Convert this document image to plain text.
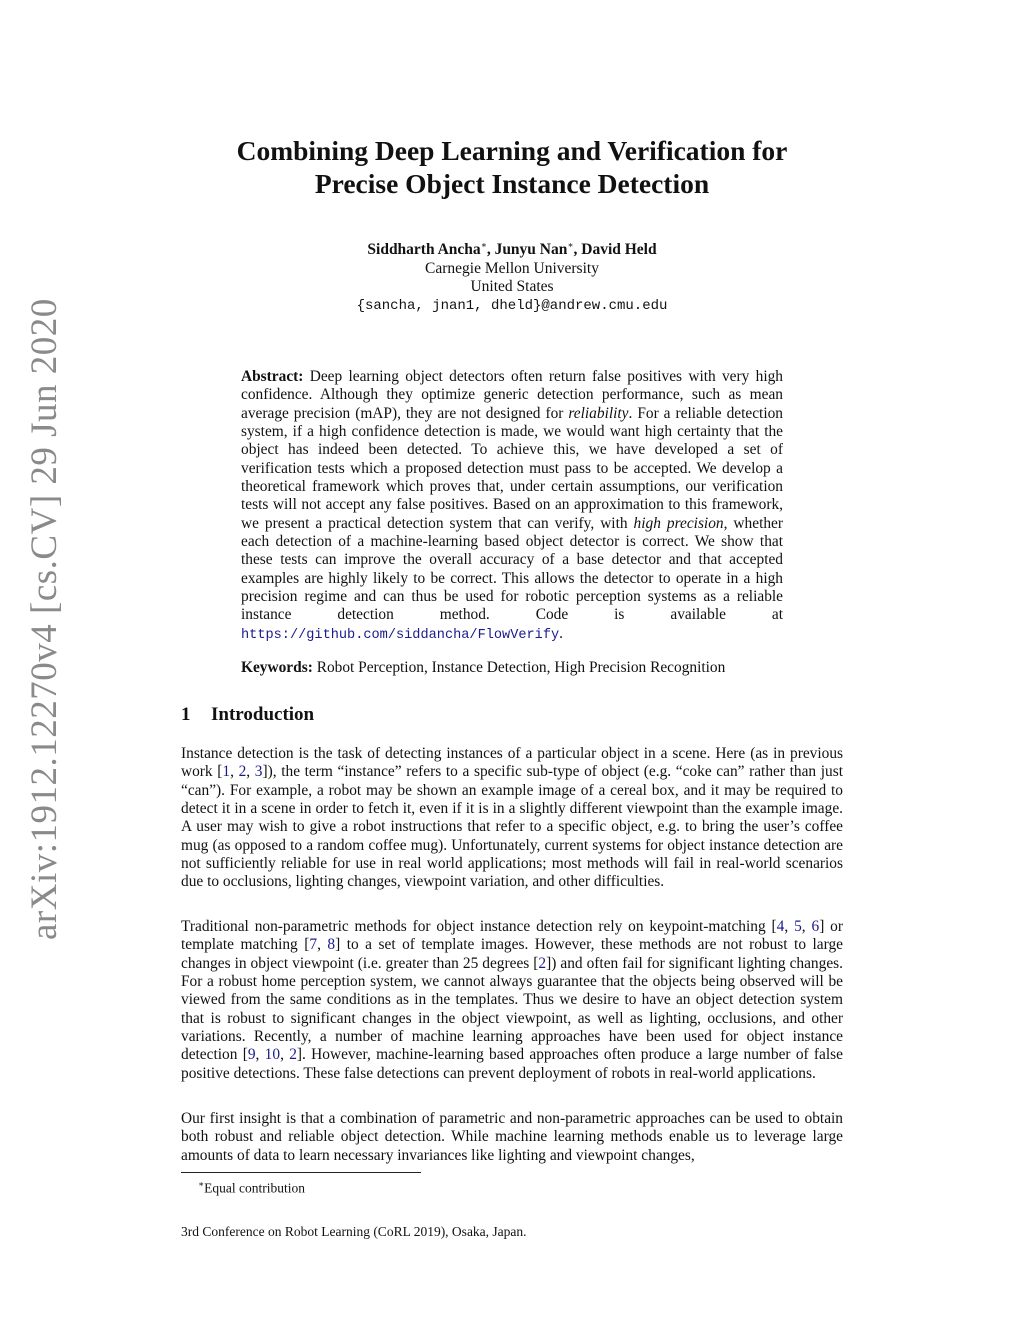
arXiv:1912.12270v4 [cs.CV] 29 Jun 2020
Combining Deep Learning and Verification for
Precise Object Instance Detection
Siddharth Ancha∗, Junyu Nan∗, David Held
Carnegie Mellon University
United States
{sancha, jnan1, dheld}@andrew.cmu.edu
Abstract: Deep learning object detectors often return false positives with very high confidence. Although they optimize generic detection performance, such as mean average precision (mAP), they are not designed for reliability. For a reliable detection system, if a high confidence detection is made, we would want high certainty that the object has indeed been detected. To achieve this, we have developed a set of verification tests which a proposed detection must pass to be accepted. We develop a theoretical framework which proves that, under certain assumptions, our verification tests will not accept any false positives. Based on an approximation to this framework, we present a practical detection system that can verify, with high precision, whether each detection of a machine-learning based object detector is correct. We show that these tests can improve the overall accuracy of a base detector and that accepted examples are highly likely to be correct. This allows the detector to operate in a high precision regime and can thus be used for robotic perception systems as a reliable instance detection method. Code is available at https://github.com/siddancha/FlowVerify.
Keywords: Robot Perception, Instance Detection, High Precision Recognition
1 Introduction
Instance detection is the task of detecting instances of a particular object in a scene. Here (as in previous work [1, 2, 3]), the term “instance” refers to a specific sub-type of object (e.g. “coke can” rather than just “can”). For example, a robot may be shown an example image of a cereal box, and it may be required to detect it in a scene in order to fetch it, even if it is in a slightly different viewpoint than the example image. A user may wish to give a robot instructions that refer to a specific object, e.g. to bring the user’s coffee mug (as opposed to a random coffee mug). Unfortunately, current systems for object instance detection are not sufficiently reliable for use in real world applications; most methods will fail in real-world scenarios due to occlusions, lighting changes, viewpoint variation, and other difficulties.
Traditional non-parametric methods for object instance detection rely on keypoint-matching [4, 5, 6] or template matching [7, 8] to a set of template images. However, these methods are not robust to large changes in object viewpoint (i.e. greater than 25 degrees [2]) and often fail for significant lighting changes. For a robust home perception system, we cannot always guarantee that the objects being observed will be viewed from the same conditions as in the templates. Thus we desire to have an object detection system that is robust to significant changes in the object viewpoint, as well as lighting, occlusions, and other variations. Recently, a number of machine learning approaches have been used for object instance detection [9, 10, 2]. However, machine-learning based approaches often produce a large number of false positive detections. These false detections can prevent deployment of robots in real-world applications.
Our first insight is that a combination of parametric and non-parametric approaches can be used to obtain both robust and reliable object detection. While machine learning methods enable us to leverage large amounts of data to learn necessary invariances like lighting and viewpoint changes,
∗Equal contribution
3rd Conference on Robot Learning (CoRL 2019), Osaka, Japan.
